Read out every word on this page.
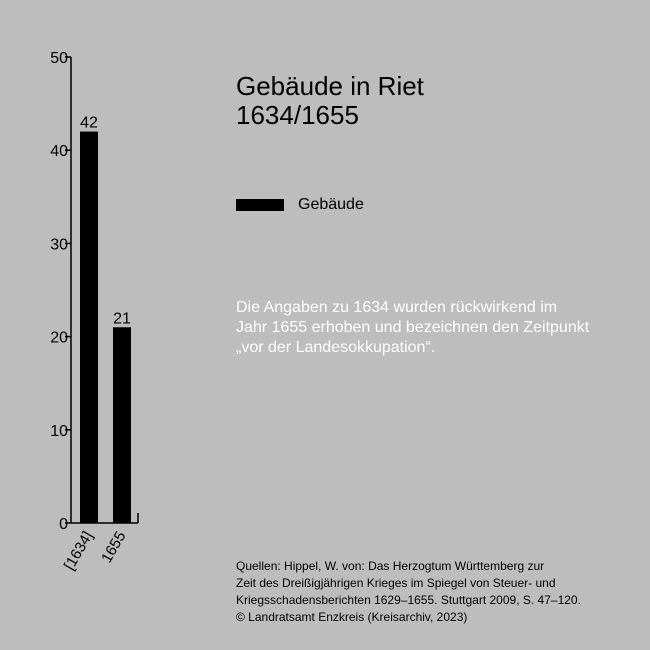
0
10
20
30
40
50
42
[1634]
21
1655
Gebäude in Riet
1634/1655
Gebäude
Die Angaben zu 1634 wurden rückwirkend im
Jahr 1655 erhoben und bezeichnen den Zeitpunkt
„vor der Landesokkupation“.
Quellen: Hippel, W. von: Das Herzogtum Württemberg zur
Zeit des Dreißigjährigen Krieges im Spiegel von Steuer- und
Kriegsschadensberichten 1629–1655. Stuttgart 2009, S. 47–120.
© Landratsamt Enzkreis (Kreisarchiv, 2023)
